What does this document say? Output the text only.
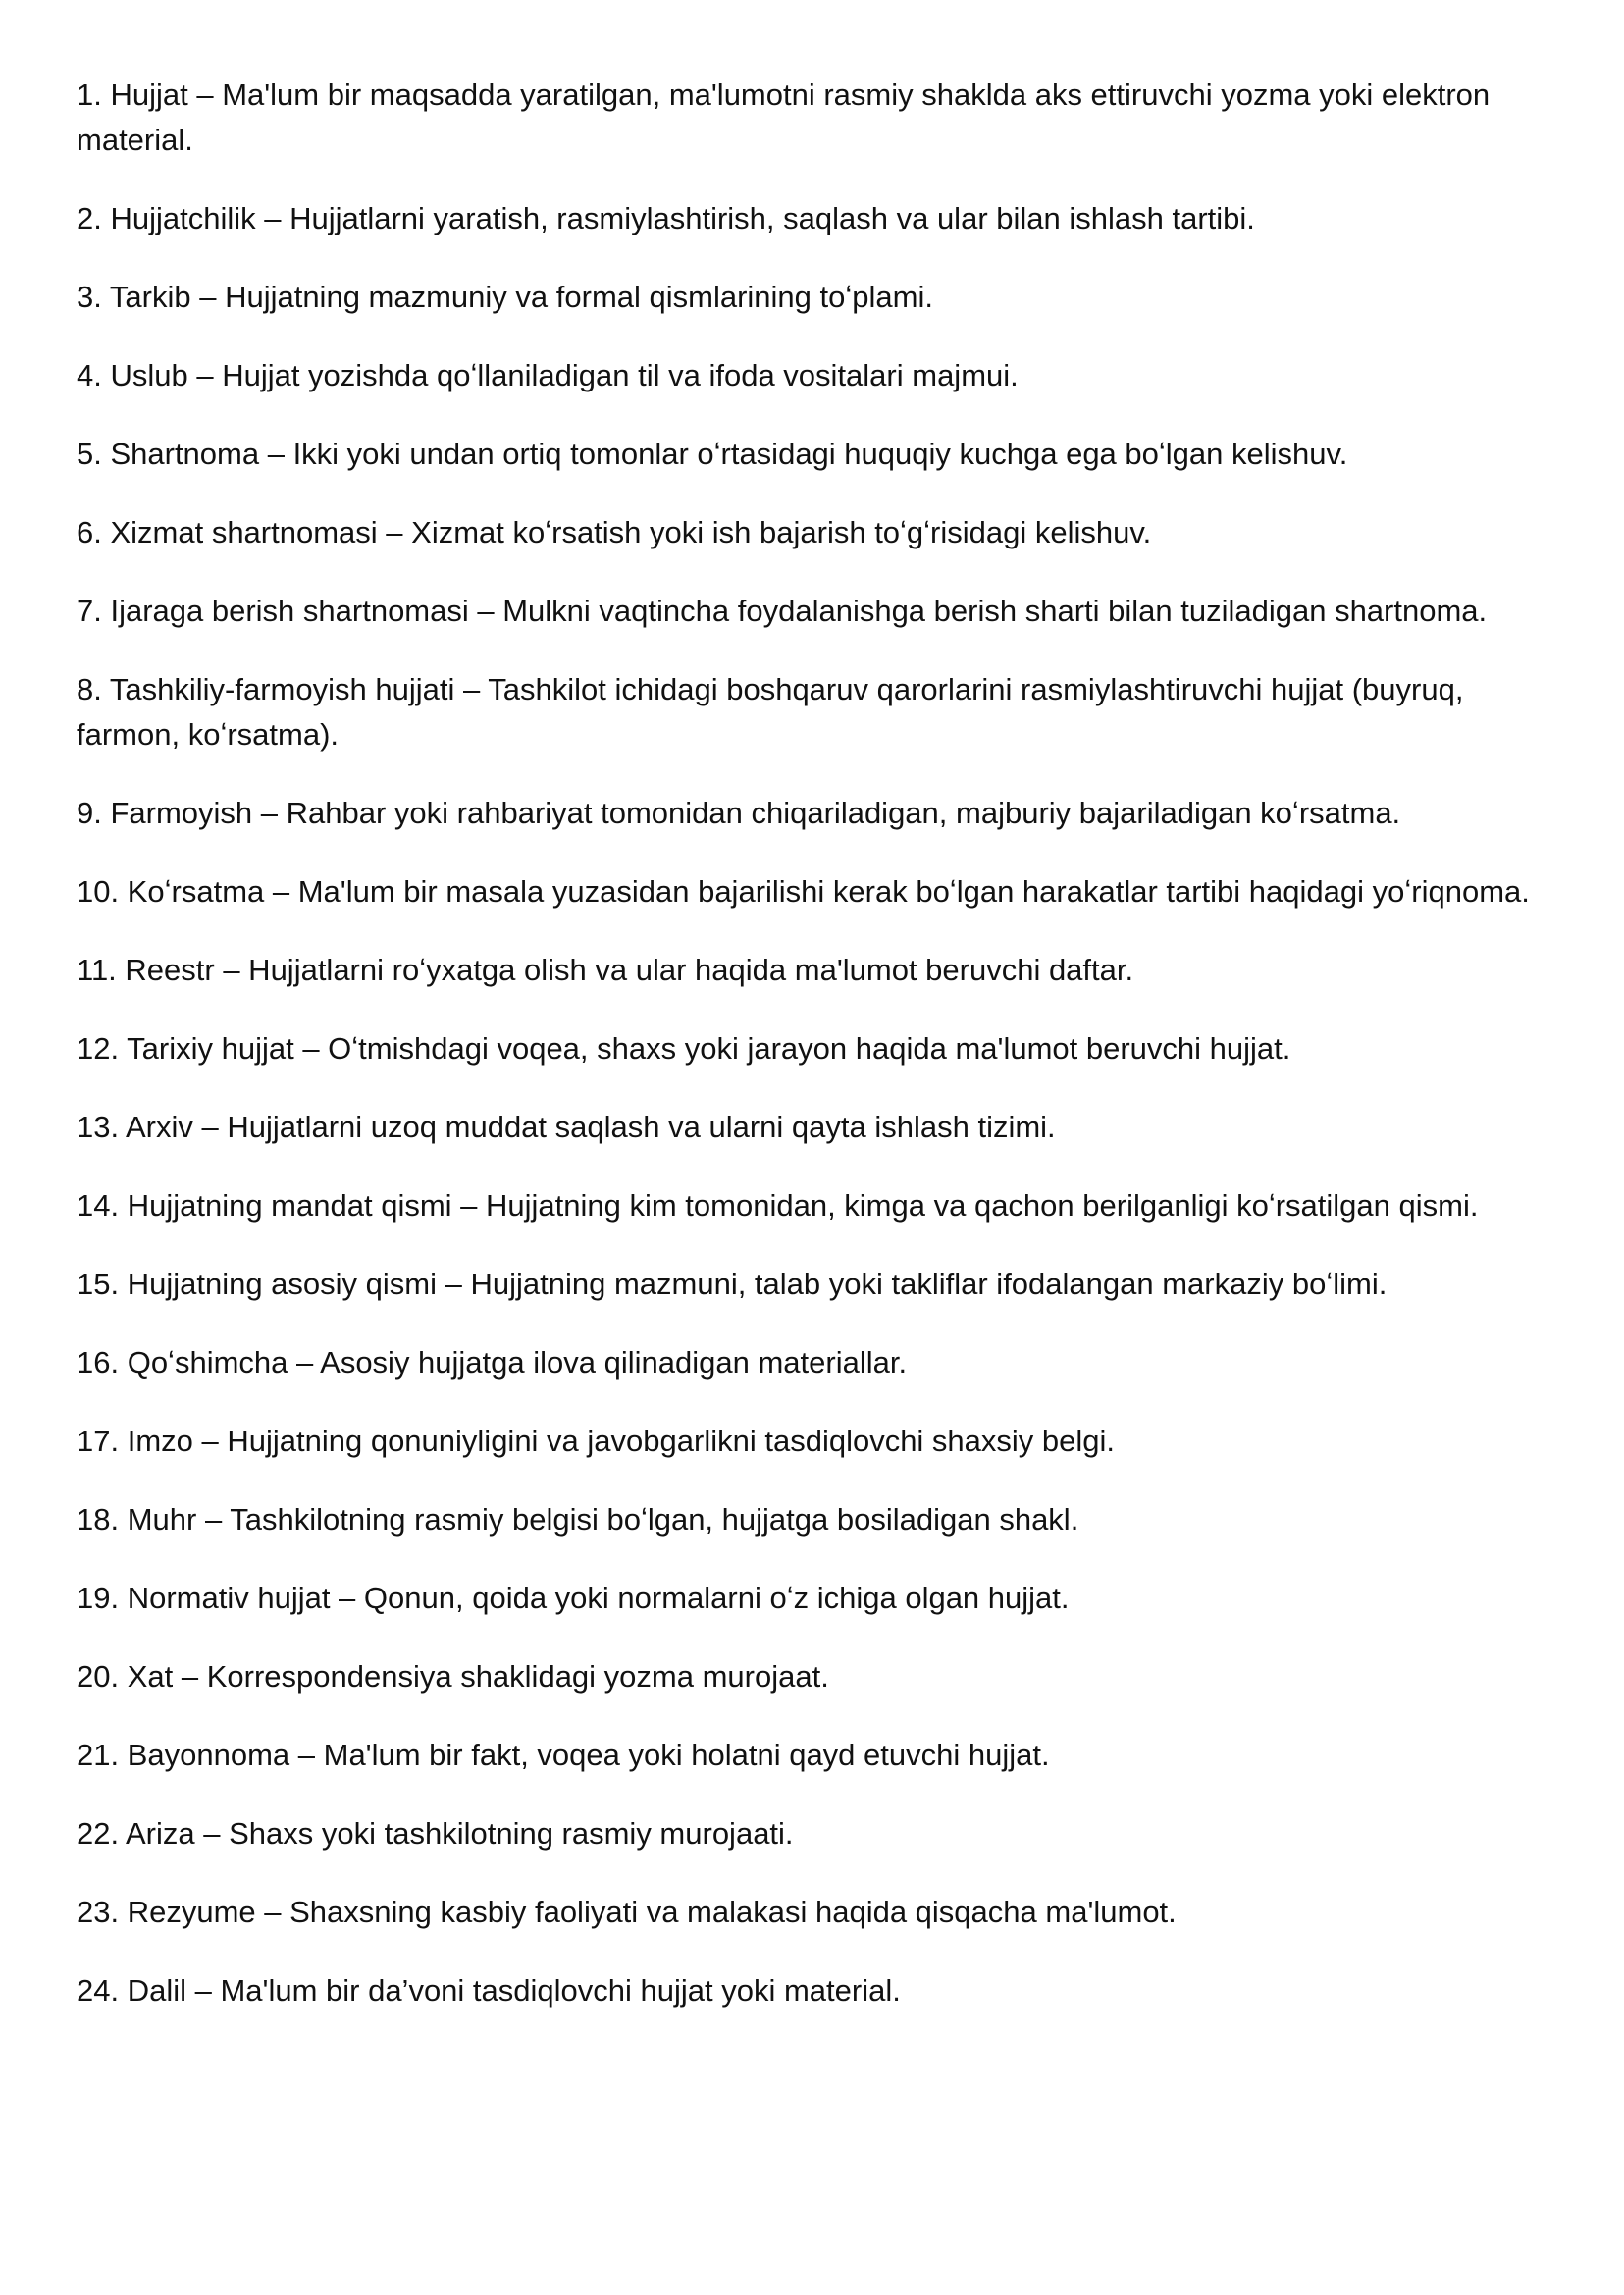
1. Hujjat – Ma'lum bir maqsadda yaratilgan, ma'lumotni rasmiy shaklda aks ettiruvchi yozma yoki elektron material.
2. Hujjatchilik – Hujjatlarni yaratish, rasmiylashtirish, saqlash va ular bilan ishlash tartibi.
3. Tarkib – Hujjatning mazmuniy va formal qismlarining toʻplami.
4. Uslub – Hujjat yozishda qoʻllaniladigan til va ifoda vositalari majmui.
5. Shartnoma – Ikki yoki undan ortiq tomonlar oʻrtasidagi huquqiy kuchga ega boʻlgan kelishuv.
6. Xizmat shartnomasi – Xizmat koʻrsatish yoki ish bajarish toʻgʻrisidagi kelishuv.
7. Ijaraga berish shartnomasi – Mulkni vaqtincha foydalanishga berish sharti bilan tuziladigan shartnoma.
8. Tashkiliy-farmoyish hujjati – Tashkilot ichidagi boshqaruv qarorlarini rasmiylashtiruvchi hujjat (buyruq, farmon, koʻrsatma).
9. Farmoyish – Rahbar yoki rahbariyat tomonidan chiqariladigan, majburiy bajariladigan koʻrsatma.
10. Koʻrsatma – Ma'lum bir masala yuzasidan bajarilishi kerak boʻlgan harakatlar tartibi haqidagi yoʻriqnoma.
11. Reestr – Hujjatlarni roʻyxatga olish va ular haqida ma'lumot beruvchi daftar.
12. Tarixiy hujjat – Oʻtmishdagi voqea, shaxs yoki jarayon haqida ma'lumot beruvchi hujjat.
13. Arxiv – Hujjatlarni uzoq muddat saqlash va ularni qayta ishlash tizimi.
14. Hujjatning mandat qismi – Hujjatning kim tomonidan, kimga va qachon berilganligi koʻrsatilgan qismi.
15. Hujjatning asosiy qismi – Hujjatning mazmuni, talab yoki takliflar ifodalangan markaziy boʻlimi.
16. Qoʻshimcha – Asosiy hujjatga ilova qilinadigan materiallar.
17. Imzo – Hujjatning qonuniyligini va javobgarlikni tasdiqlovchi shaxsiy belgi.
18. Muhr – Tashkilotning rasmiy belgisi boʻlgan, hujjatga bosiladigan shakl.
19. Normativ hujjat – Qonun, qoida yoki normalarni oʻz ichiga olgan hujjat.
20. Xat – Korrespondensiya shaklidagi yozma murojaat.
21. Bayonnoma – Ma'lum bir fakt, voqea yoki holatni qayd etuvchi hujjat.
22. Ariza – Shaxs yoki tashkilotning rasmiy murojaati.
23. Rezyume – Shaxsning kasbiy faoliyati va malakasi haqida qisqacha ma'lumot.
24. Dalil – Ma'lum bir da’voni tasdiqlovchi hujjat yoki material.
